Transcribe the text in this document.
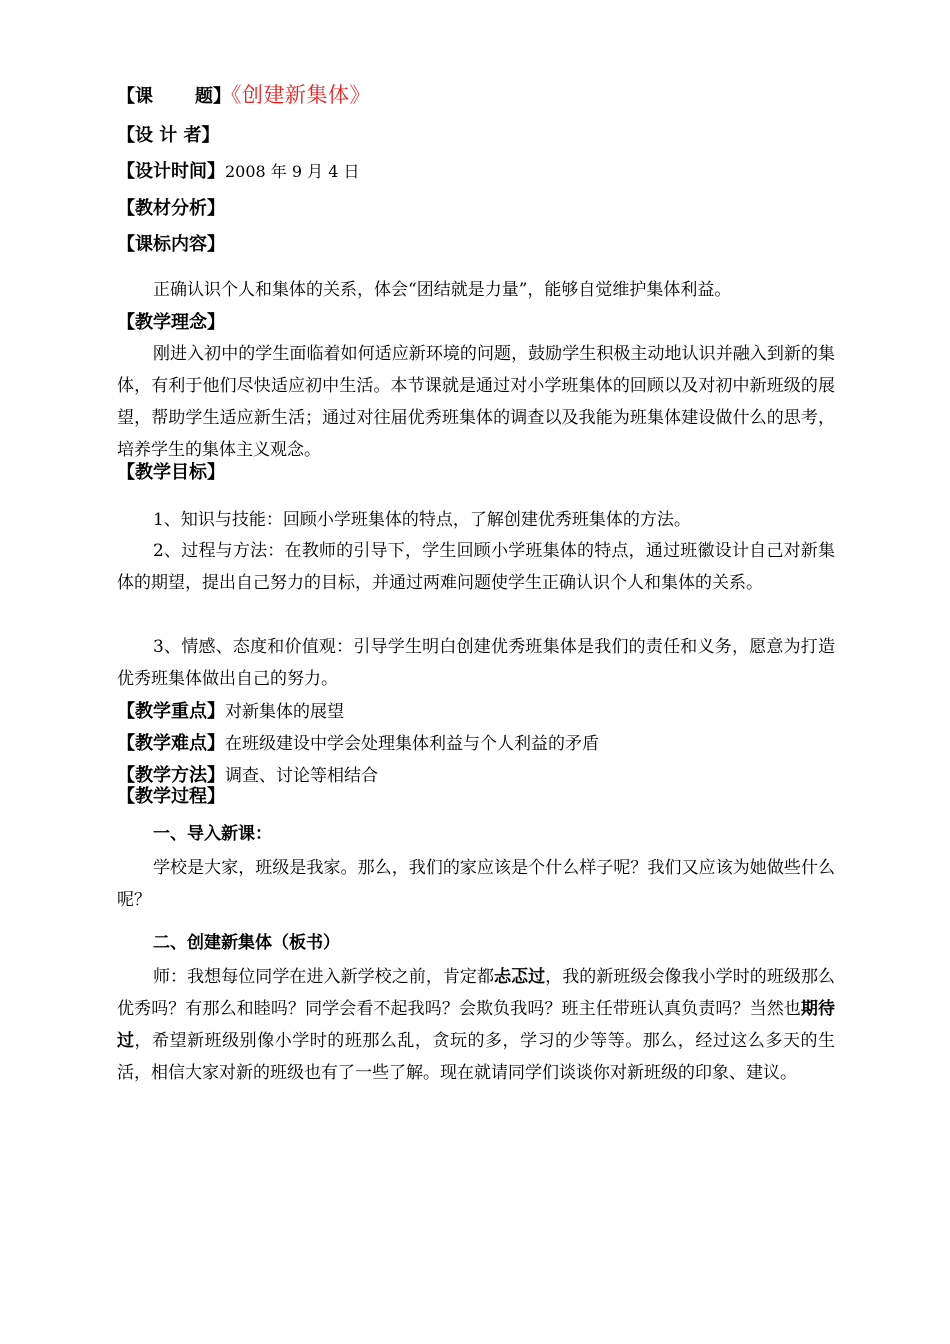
【课 题】《创建新集体》
【设 计 者】
【设计时间】2008 年 9 月 4 日
【教材分析】
【课标内容】
正确认识个人和集体的关系，体会“团结就是力量”，能够自觉维护集体利益。
【教学理念】

刚进入初中的学生面临着如何适应新环境的问题，鼓励学生积极主动地认识并融入到新的集体，有利于他们尽快适应初中生活。本节课就是通过对小学班集体的回顾以及对初中新班级的展望，帮助学生适应新生活；通过对往届优秀班集体的调查以及我能为班集体建设做什么的思考，培养学生的集体主义观念。

【教学目标】

1、知识与技能：回顾小学班集体的特点，了解创建优秀班集体的方法。

2、过程与方法：在教师的引导下，学生回顾小学班集体的特点，通过班徽设计自己对新集体的期望，提出自己努力的目标，并通过两难问题使学生正确认识个人和集体的关系。

3、情感、态度和价值观：引导学生明白创建优秀班集体是我们的责任和义务，愿意为打造优秀班集体做出自己的努力。

【教学重点】对新集体的展望
【教学难点】在班级建设中学会处理集体利益与个人利益的矛盾
【教学方法】调查、讨论等相结合
【教学过程】
一、导入新课：

学校是大家，班级是我家。那么，我们的家应该是个什么样子呢？我们又应该为她做些什么呢？

二、创建新集体（板书）

师：我想每位同学在进入新学校之前，肯定都忐忑过，我的新班级会像我小学时的班级那么优秀吗？有那么和睦吗？同学会看不起我吗？会欺负我吗？班主任带班认真负责吗？当然也期待过，希望新班级别像小学时的班那么乱，贪玩的多，学习的少等等。那么，经过这么多天的生活，相信大家对新的班级也有了一些了解。现在就请同学们谈谈你对新班级的印象、建议。
